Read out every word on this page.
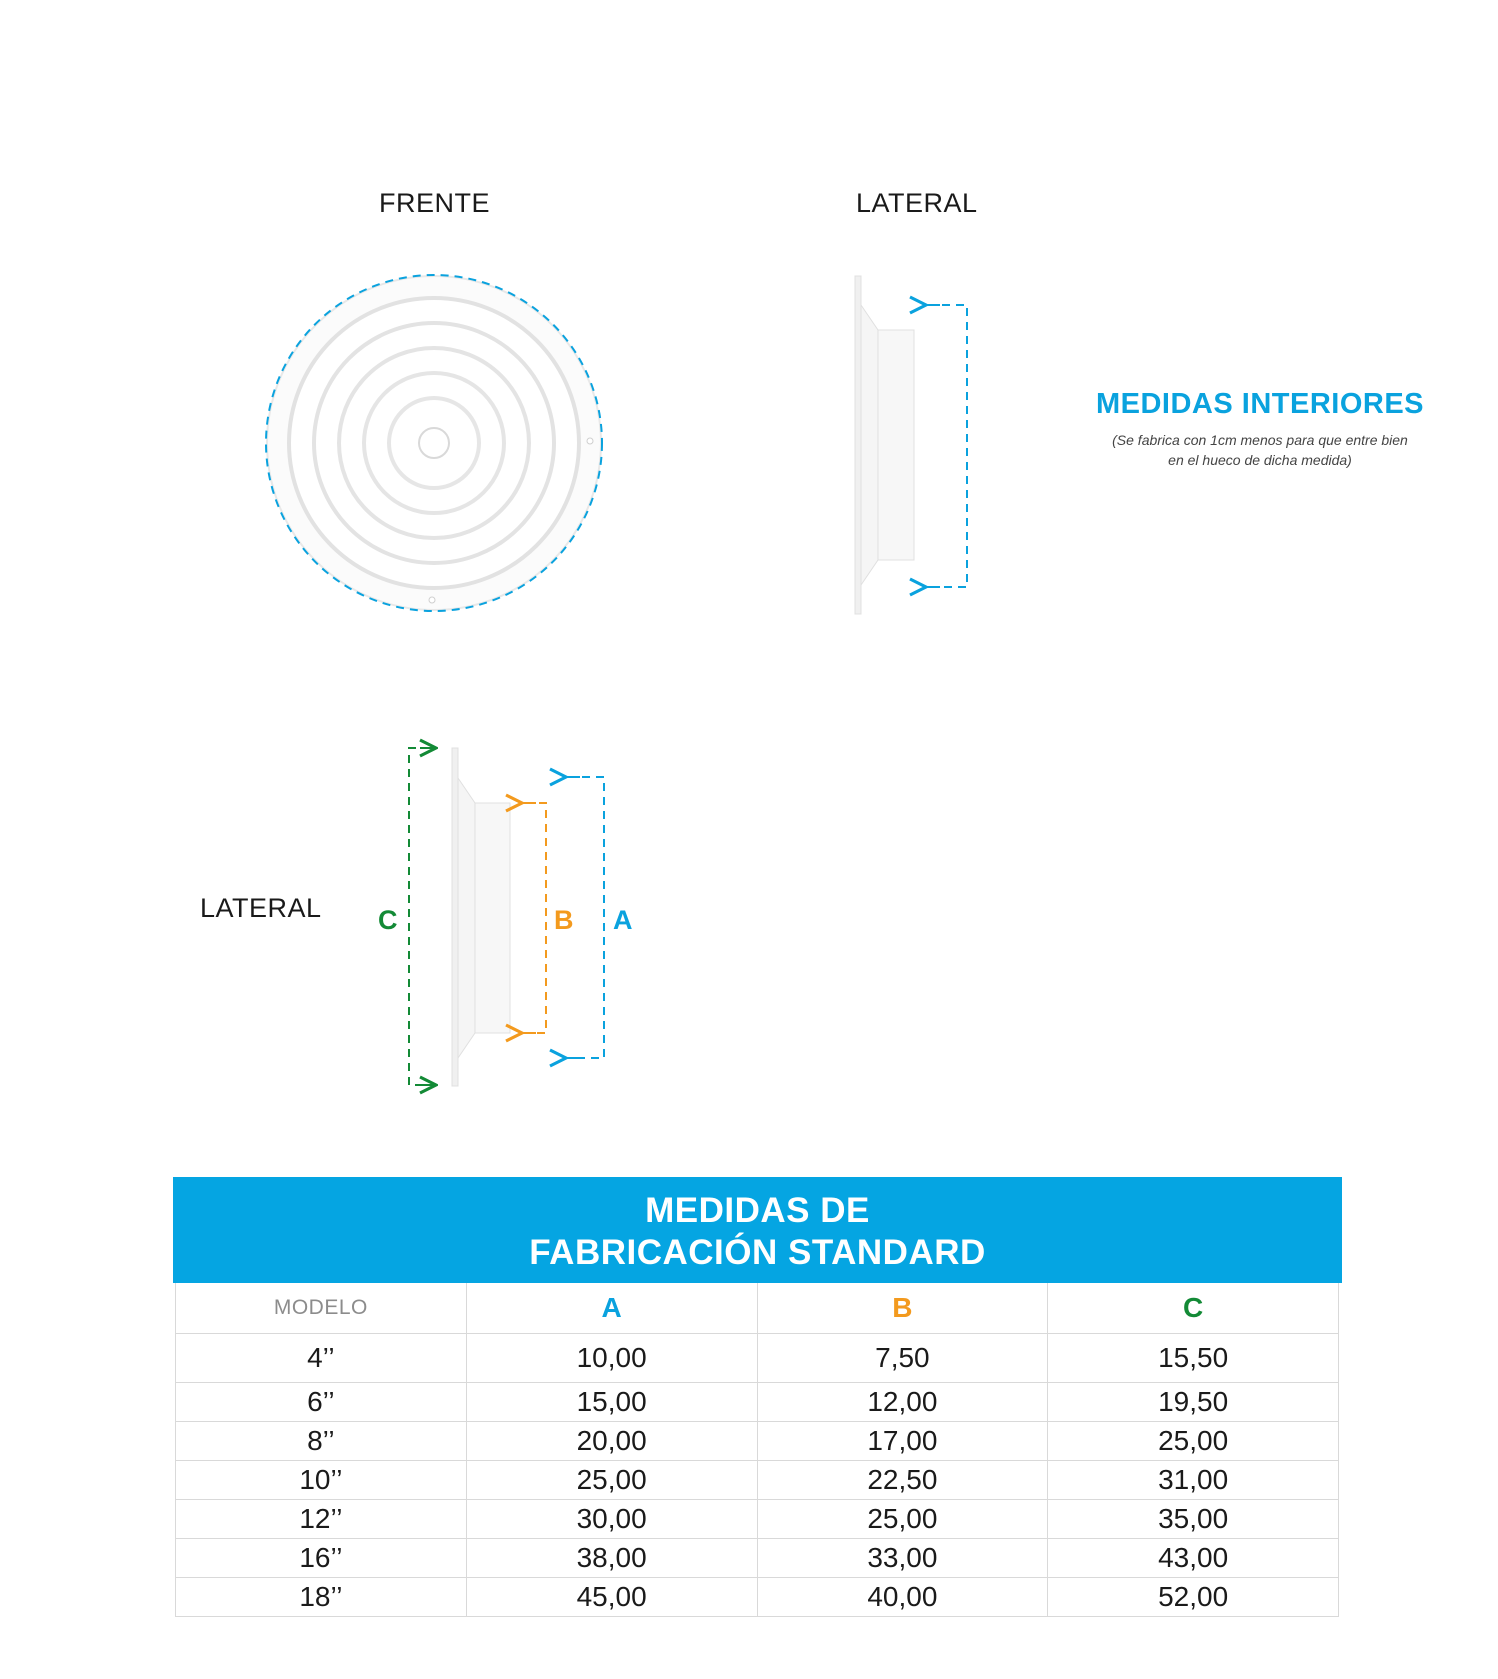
FRENTE	LATERAL
LATERAL C	B A
MEDIDAS INTERIORES
(Se fabrica con 1cm menos para que entre bien
en el hueco de dicha medida)
MEDIDAS DE
FABRICACIÓN STANDARD
MODELO	A	B	C
4’’	10,00	7,50	15,50
6’’	15,00	12,00	19,50
8’’	20,00	17,00	25,00
10’’	25,00	22,50	31,00
12’’	30,00	25,00	35,00
16’’	38,00	33,00	43,00
18’’	45,00	40,00	52,00
